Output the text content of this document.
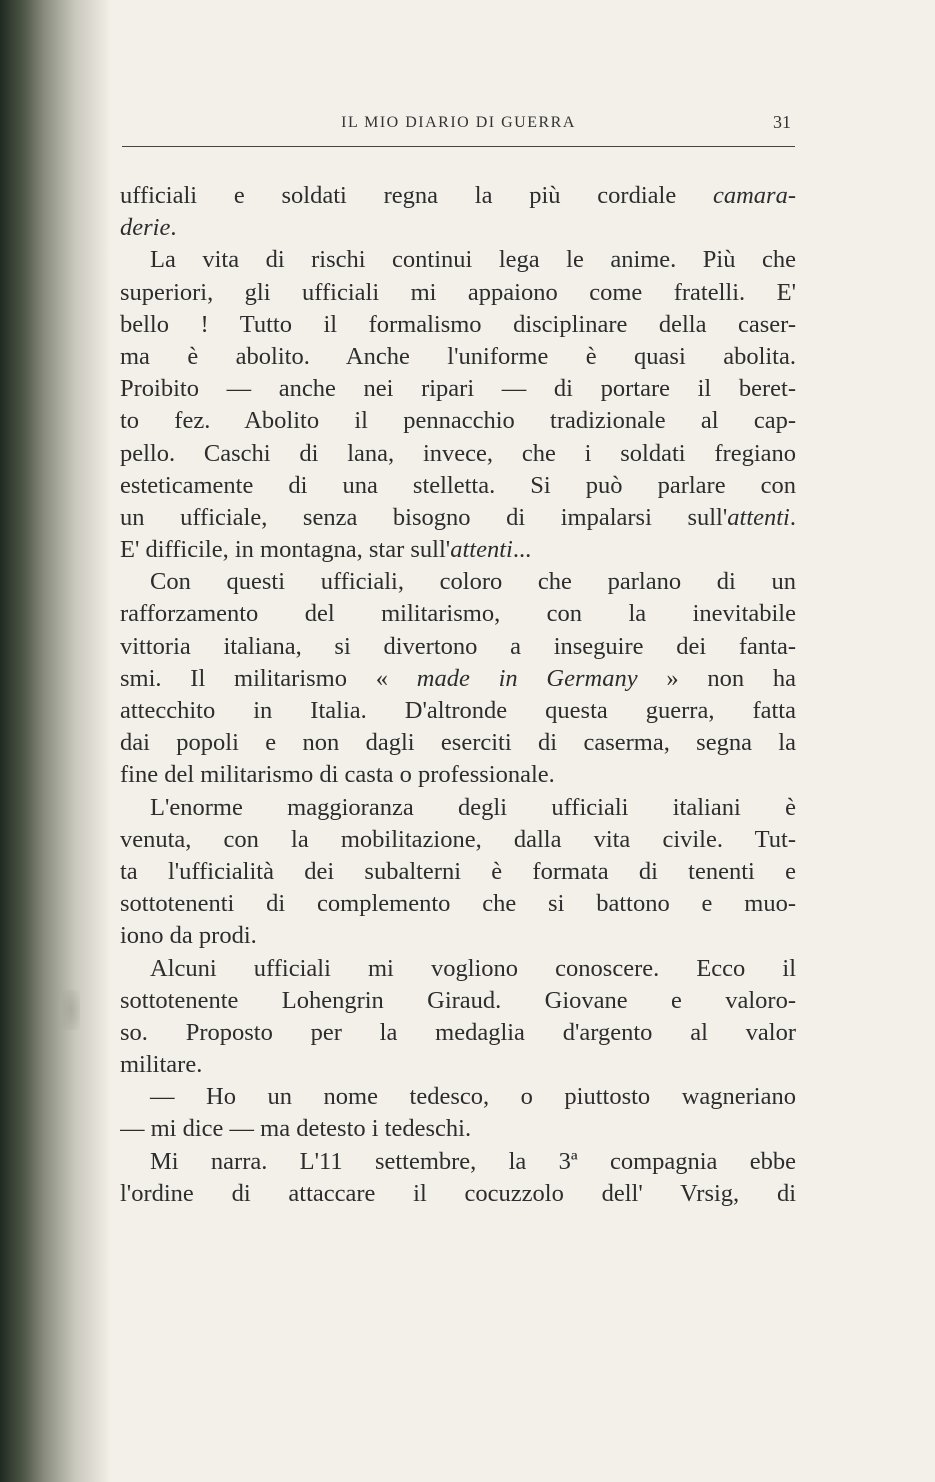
IL MIO DIARIO DI GUERRA	31
ufficiali e soldati regna la più cordiale camara-
derie.
La vita di rischi continui lega le anime. Più che
superiori, gli ufficiali mi appaiono come fratelli. E'
bello ! Tutto il formalismo disciplinare della caser-
ma è abolito. Anche l'uniforme è quasi abolita.
Proibito — anche nei ripari — di portare il beret-
to fez. Abolito il pennacchio tradizionale al cap-
pello. Caschi di lana, invece, che i soldati fregiano
esteticamente di una stelletta. Si può parlare con
un ufficiale, senza bisogno di impalarsi sull'attenti.
E' difficile, in montagna, star sull'attenti...
Con questi ufficiali, coloro che parlano di un
rafforzamento del militarismo, con la inevitabile
vittoria italiana, si divertono a inseguire dei fanta-
smi. Il militarismo « made in Germany » non ha
attecchito in Italia. D'altronde questa guerra, fatta
dai popoli e non dagli eserciti di caserma, segna la
fine del militarismo di casta o professionale.
L'enorme maggioranza degli ufficiali italiani è
venuta, con la mobilitazione, dalla vita civile. Tut-
ta l'ufficialità dei subalterni è formata di tenenti e
sottotenenti di complemento che si battono e muo-
iono da prodi.
Alcuni ufficiali mi vogliono conoscere. Ecco il
sottotenente Lohengrin Giraud. Giovane e valoro-
so. Proposto per la medaglia d'argento al valor
militare.
— Ho un nome tedesco, o piuttosto wagneriano
— mi dice — ma detesto i tedeschi.
Mi narra. L'11 settembre, la 3ª compagnia ebbe
l'ordine di attaccare il cocuzzolo dell' Vrsig, di
